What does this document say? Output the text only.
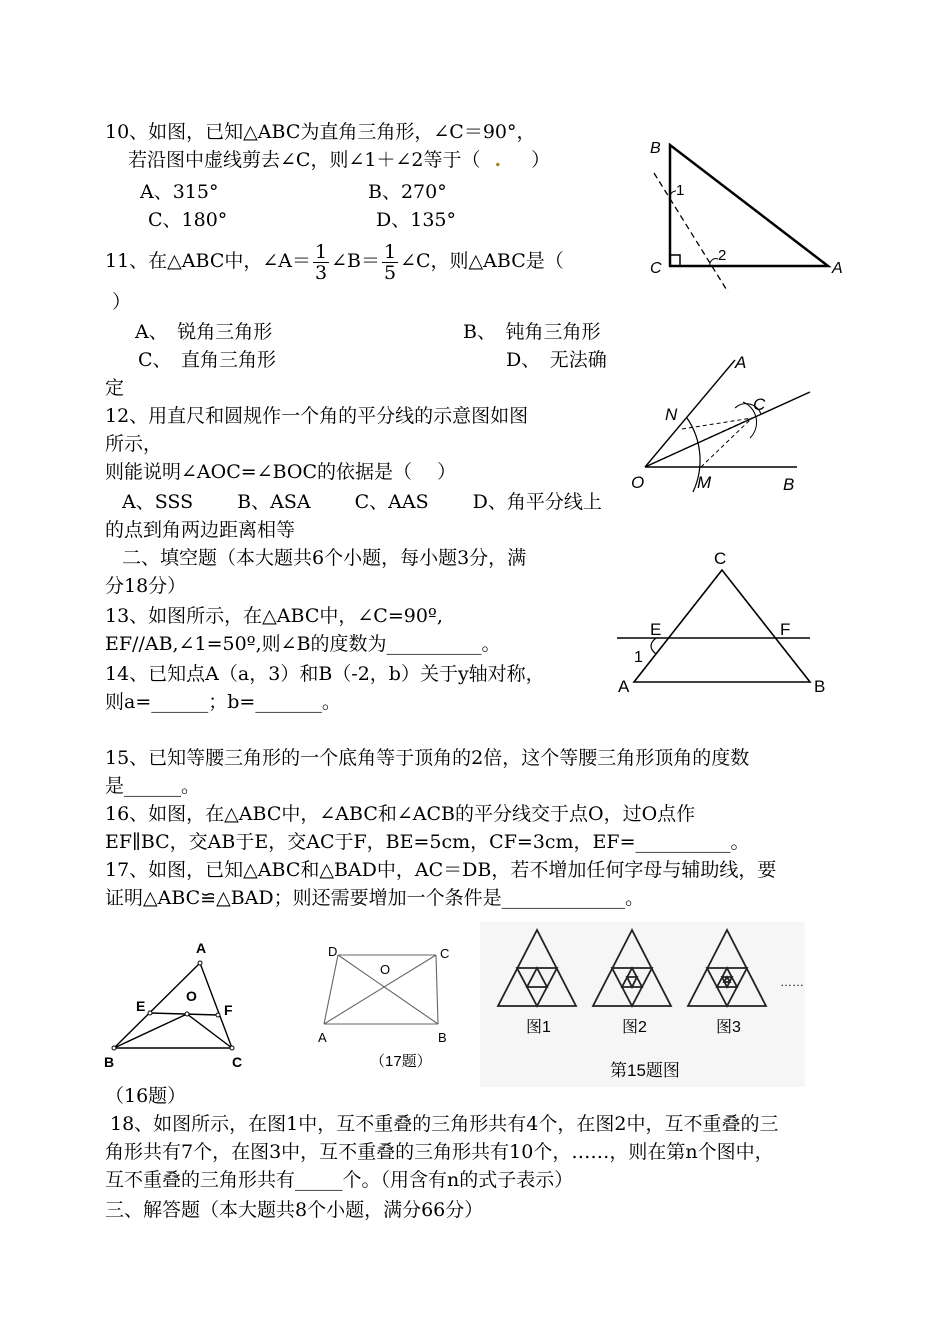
10、如图，已知△ABC为直角三角形，∠C＝90°，
若沿图中虚线剪去∠C，则∠1＋∠2等于（ . ）
A、315°	B、270°
C、180°	D、135°
B
1
C
2
A
11、在△ABC中，∠A＝ $\frac{1}{3}$ ∠B＝ $\frac{1}{5}$ ∠C，则△ABC是（
）
A、　锐角三角形	B、　钝角三角形
C、　直角三角形	D、　无法确
定
12、用直尺和圆规作一个角的平分线的示意图如图
所示，
则能说明∠AOC=∠BOC的依据是（　 ）
A、SSS　　 B、ASA　　 C、AAS　　 D、角平分线上
的点到角两边距离相等
A
C
N
O	M	B
二、填空题（本大题共6个小题，每小题3分，满
分18分）
13、如图所示，在△ABC中，∠C=90º,
EF//AB,∠1=50º,则∠B的度数为__________。
C
E	F
1
A	B
14、已知点A（a，3）和B（-2，b）关于y轴对称，
则a=______；b=_______。
15、已知等腰三角形的一个底角等于顶角的2倍，这个等腰三角形顶角的度数
是______。
16、如图，在△ABC中，∠ABC和∠ACB的平分线交于点O，过O点作
EF∥BC，交AB于E，交AC于F，BE=5cm，CF=3cm，EF=__________。
17、如图，已知△ABC和△BAD中，AC＝DB，若不增加任何字母与辅助线，要
证明△ABC≌△BAD；则还需要增加一个条件是_____________。
A
E
O
F
B	C
（16题）
D
O
C
A	B
（17题）
……
图1	图2	图3
第15题图
18、如图所示，在图1中，互不重叠的三角形共有4个，在图2中，互不重叠的三
角形共有7个，在图3中，互不重叠的三角形共有10个，……，则在第n个图中，
互不重叠的三角形共有_____个。（用含有n的式子表示）
三、解答题（本大题共8个小题，满分66分）
